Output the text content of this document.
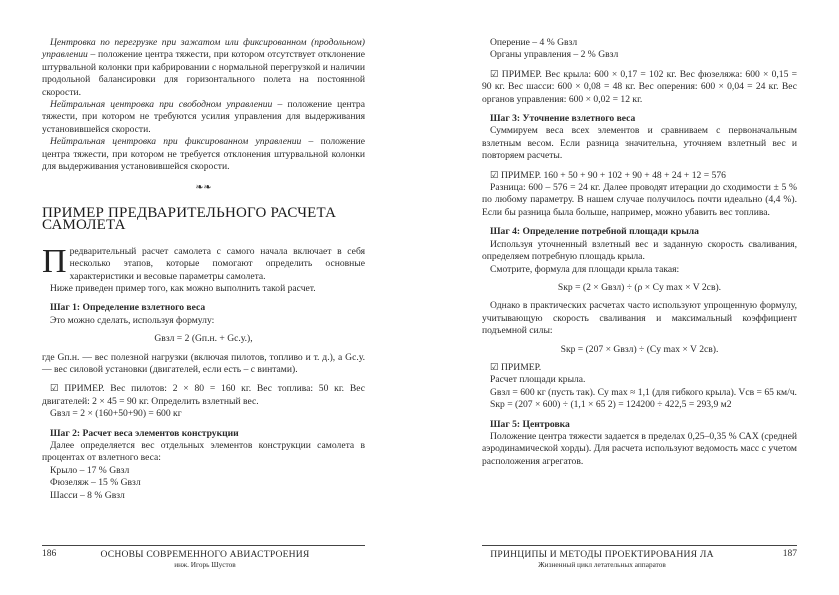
Центровка по перегрузке при зажатом или фиксированном (продольном) управлении – положение центра тяжести, при котором отсутствует отклонение штурвальной колонки при кабрировании с нормальной перегрузкой и наличии продольной балансировки для горизонтального полета на постоянной скорости.

Нейтральная центровка при свободном управлении – положение центра тяжести, при котором не требуются усилия управления для выдерживания установившейся скорости.

Нейтральная центровка при фиксированном управлении – положение центра тяжести, при котором не требуется отклонения штурвальной колонки для выдерживания установившейся скорости.

❧❧
ПРИМЕР ПРЕДВАРИТЕЛЬНОГО РАСЧЕТА САМОЛЕТА

Предварительный расчет самолета с самого начала включает в себя несколько этапов, которые помогают определить основные характеристики и весовые параметры самолета.

Ниже приведен пример того, как можно выполнить такой расчет.

Шаг 1: Определение взлетного веса

Это можно сделать, используя формулу:

Gвзл = 2 (Gп.н. + Gс.у.),

где Gп.н. — вес полезной нагрузки (включая пилотов, топливо и т. д.), а Gс.у. — вес силовой установки (двигателей, если есть – с винтами).

☑ ПРИМЕР. Вес пилотов: 2 × 80 = 160 кг. Вес топлива: 50 кг. Вес двигателей: 2 × 45 = 90 кг. Определить взлетный вес.

Gвзл = 2 × (160+50+90) = 600 кг

Шаг 2: Расчет веса элементов конструкции

Далее определяется вес отдельных элементов конструкции самолета в процентах от взлетного веса:

Крыло – 17 % Gвзл

Фюзеляж – 15 % Gвзл

Шасси – 8 % Gвзл

186	ОСНОВЫ СОВРЕМЕННОГО АВИАСТРОЕНИЯ
инж. Игорь Шустов

Оперение – 4 % Gвзл

Органы управления – 2 % Gвзл

☑ ПРИМЕР. Вес крыла: 600 × 0,17 = 102 кг. Вес фюзеляжа: 600 × 0,15 = 90 кг. Вес шасси: 600 × 0,08 = 48 кг. Вес оперения: 600 × 0,04 = 24 кг. Вес органов управления: 600 × 0,02 = 12 кг.

Шаг 3: Уточнение взлетного веса

Суммируем веса всех элементов и сравниваем с первоначальным взлетным весом. Если разница значительна, уточняем взлетный вес и повторяем расчеты.

☑ ПРИМЕР. 160 + 50 + 90 + 102 + 90 + 48 + 24 + 12 = 576

Разница: 600 – 576 = 24 кг. Далее проводят итерации до сходимости ± 5 % по любому параметру. В нашем случае получилось почти идеально (4,4 %). Если бы разница была больше, например, можно убавить вес топлива.

Шаг 4: Определение потребной площади крыла

Используя уточненный взлетный вес и заданную скорость сваливания, определяем потребную площадь крыла.

Смотрите, формула для площади крыла такая:

Sкр = (2 × Gвзл) ÷ (ρ × Cy max × V 2св).

Однако в практических расчетах часто используют упрощенную формулу, учитывающую скорость сваливания и максимальный коэффициент подъемной силы:

Sкр = (207 × Gвзл) ÷ (Cy max × V 2св).

☑ ПРИМЕР.

Расчет площади крыла.

Gвзл = 600 кг (пусть так). Cy max ≈ 1,1 (для гибкого крыла). Vсв = 65 км/ч.

Sкр = (207 × 600) ÷ (1,1 × 65 2) = 124200 ÷ 422,5 = 293,9 м2

Шаг 5: Центровка

Положение центра тяжести задается в пределах 0,25–0,35 % САХ (средней аэродинамической хорды). Для расчета используют ведомость масс с учетом расположения агрегатов.

ПРИНЦИПЫ И МЕТОДЫ ПРОЕКТИРОВАНИЯ ЛА
Жизненный цикл летательных аппаратов
187
